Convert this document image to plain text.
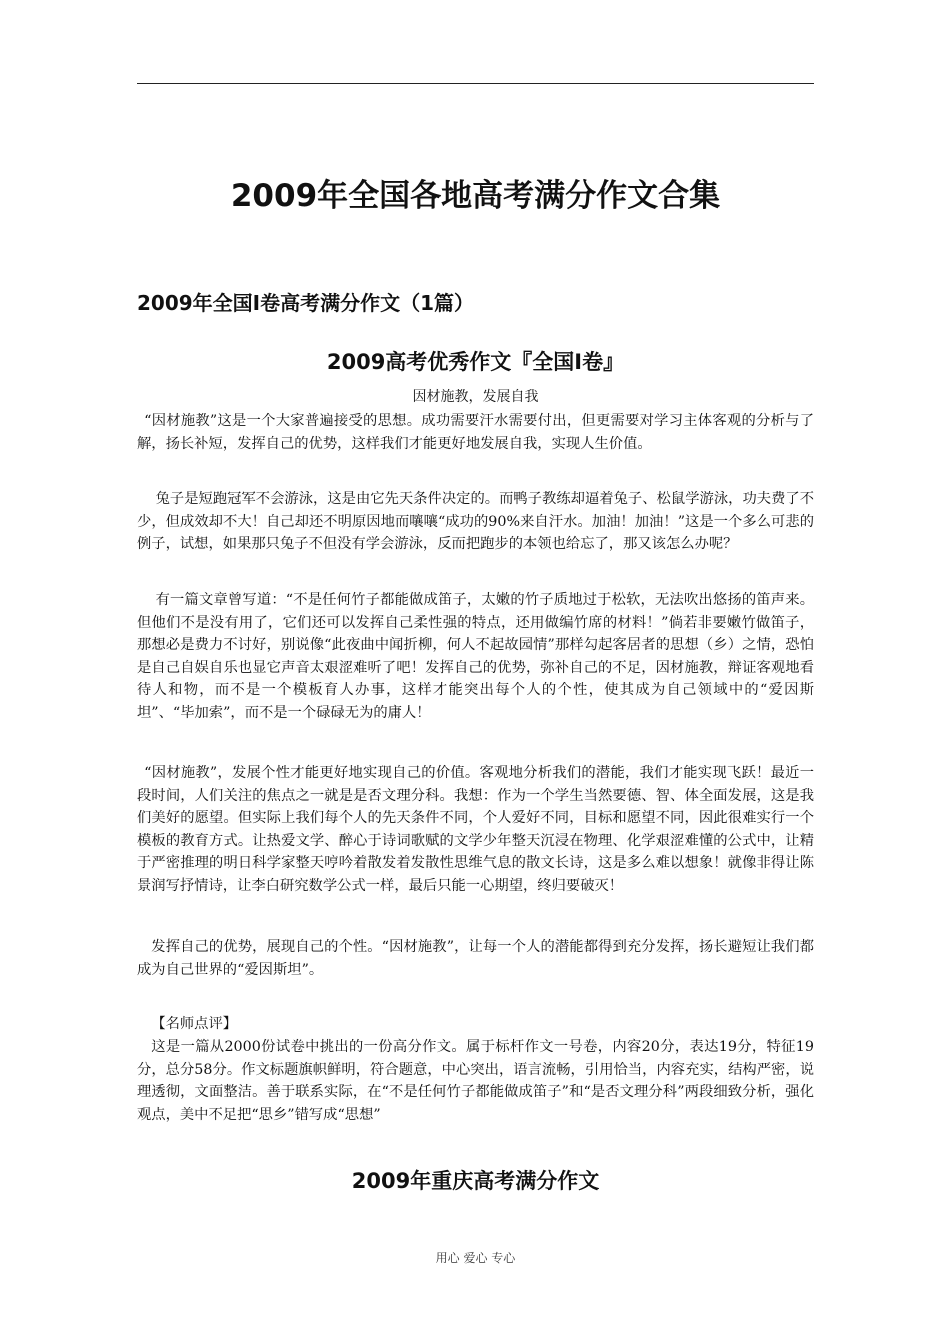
2009年全国各地高考满分作文合集
2009年全国Ⅰ卷高考满分作文（1篇）
2009高考优秀作文『全国Ⅰ卷』
因材施教，发展自我
“因材施教”这是一个大家普遍接受的思想。成功需要汗水需要付出，但更需要对学习主体客观的分析与了解，扬长补短，发挥自己的优势，这样我们才能更好地发展自我，实现人生价值。
兔子是短跑冠军不会游泳，这是由它先天条件决定的。而鸭子教练却逼着兔子、松鼠学游泳，功夫费了不少，但成效却不大！自己却还不明原因地而嚷嚷“成功的90%来自汗水。加油！加油！”这是一个多么可悲的例子，试想，如果那只兔子不但没有学会游泳，反而把跑步的本领也给忘了，那又该怎么办呢？
有一篇文章曾写道：“不是任何竹子都能做成笛子，太嫩的竹子质地过于松软，无法吹出悠扬的笛声来。但他们不是没有用了，它们还可以发挥自己柔性强的特点，还用做编竹席的材料！”倘若非要嫩竹做笛子，那想必是费力不讨好，别说像“此夜曲中闻折柳，何人不起故园情”那样勾起客居者的思想（乡）之情，恐怕是自己自娱自乐也显它声音太艰涩难听了吧！发挥自己的优势，弥补自己的不足，因材施教，辩证客观地看待人和物，而不是一个模板育人办事，这样才能突出每个人的个性，使其成为自己领域中的“爱因斯坦”、“毕加索”，而不是一个碌碌无为的庸人！
“因材施教”，发展个性才能更好地实现自己的价值。客观地分析我们的潜能，我们才能实现飞跃！最近一段时间，人们关注的焦点之一就是是否文理分科。我想：作为一个学生当然要德、智、体全面发展，这是我们美好的愿望。但实际上我们每个人的先天条件不同，个人爱好不同，目标和愿望不同，因此很难实行一个模板的教育方式。让热爱文学、醉心于诗词歌赋的文学少年整天沉浸在物理、化学艰涩难懂的公式中，让精于严密推理的明日科学家整天哼吟着散发着发散性思维气息的散文长诗，这是多么难以想象！就像非得让陈景润写抒情诗，让李白研究数学公式一样，最后只能一心期望，终归要破灭！
发挥自己的优势，展现自己的个性。“因材施教”，让每一个人的潜能都得到充分发挥，扬长避短让我们都成为自己世界的“爱因斯坦”。
【名师点评】
这是一篇从2000份试卷中挑出的一份高分作文。属于标杆作文一号卷，内容20分，表达19分，特征19分，总分58分。作文标题旗帜鲜明，符合题意，中心突出，语言流畅，引用恰当，内容充实，结构严密，说理透彻，文面整洁。善于联系实际，在“不是任何竹子都能做成笛子”和“是否文理分科”两段细致分析，强化观点，美中不足把“思乡”错写成“思想”
2009年重庆高考满分作文
用心 爱心 专心
